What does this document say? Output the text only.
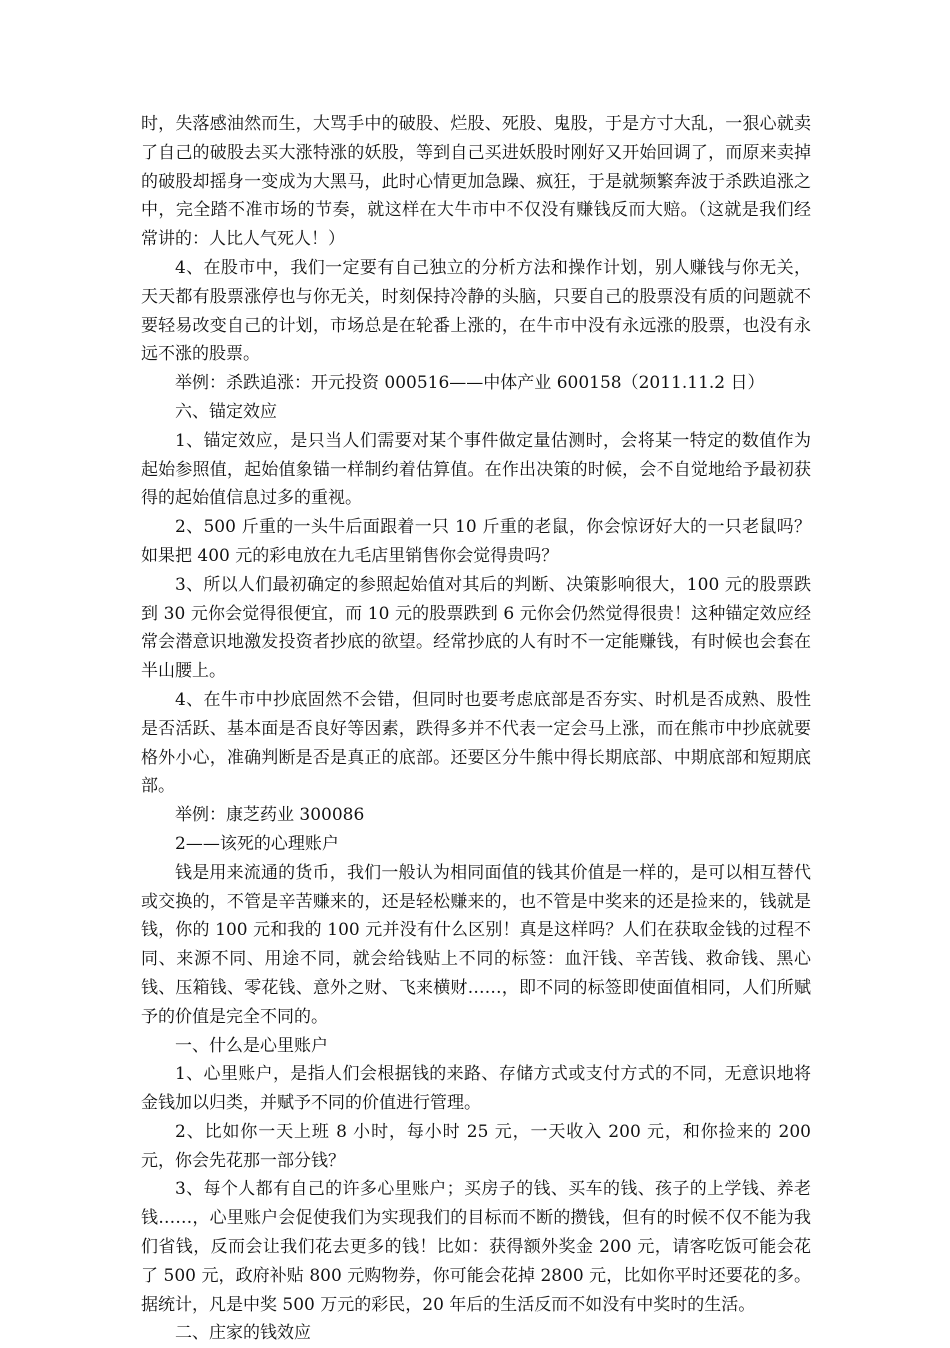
时，失落感油然而生，大骂手中的破股、烂股、死股、鬼股，于是方寸大乱，一狠心就卖了自己的破股去买大涨特涨的妖股，等到自己买进妖股时刚好又开始回调了，而原来卖掉的破股却摇身一变成为大黑马，此时心情更加急躁、疯狂，于是就频繁奔波于杀跌追涨之中，完全踏不准市场的节奏，就这样在大牛市中不仅没有赚钱反而大赔。（这就是我们经常讲的：人比人气死人！）

4、在股市中，我们一定要有自己独立的分析方法和操作计划，别人赚钱与你无关，天天都有股票涨停也与你无关，时刻保持冷静的头脑，只要自己的股票没有质的问题就不要轻易改变自己的计划，市场总是在轮番上涨的，在牛市中没有永远涨的股票，也没有永远不涨的股票。

举例：杀跌追涨：开元投资 000516——中体产业 600158（2011.11.2 日）

六、锚定效应

1、锚定效应，是只当人们需要对某个事件做定量估测时，会将某一特定的数值作为起始参照值，起始值象锚一样制约着估算值。在作出决策的时候，会不自觉地给予最初获得的起始值信息过多的重视。

2、500 斤重的一头牛后面跟着一只 10 斤重的老鼠，你会惊讶好大的一只老鼠吗？如果把 400 元的彩电放在九毛店里销售你会觉得贵吗？

3、所以人们最初确定的参照起始值对其后的判断、决策影响很大，100 元的股票跌到 30 元你会觉得很便宜，而 10 元的股票跌到 6 元你会仍然觉得很贵！这种锚定效应经常会潜意识地激发投资者抄底的欲望。经常抄底的人有时不一定能赚钱，有时候也会套在半山腰上。

4、在牛市中抄底固然不会错，但同时也要考虑底部是否夯实、时机是否成熟、股性是否活跃、基本面是否良好等因素，跌得多并不代表一定会马上涨，而在熊市中抄底就要格外小心，准确判断是否是真正的底部。还要区分牛熊中得长期底部、中期底部和短期底部。

举例：康芝药业 300086

2——该死的心理账户

钱是用来流通的货币，我们一般认为相同面值的钱其价值是一样的，是可以相互替代或交换的，不管是辛苦赚来的，还是轻松赚来的，也不管是中奖来的还是捡来的，钱就是钱，你的 100 元和我的 100 元并没有什么区别！真是这样吗？人们在获取金钱的过程不同、来源不同、用途不同，就会给钱贴上不同的标签：血汗钱、辛苦钱、救命钱、黑心钱、压箱钱、零花钱、意外之财、飞来横财……，即不同的标签即使面值相同，人们所赋予的价值是完全不同的。

一、什么是心里账户

1、心里账户，是指人们会根据钱的来路、存储方式或支付方式的不同，无意识地将金钱加以归类，并赋予不同的价值进行管理。

2、比如你一天上班 8 小时，每小时 25 元，一天收入 200 元，和你捡来的 200 元，你会先花那一部分钱？

3、每个人都有自己的许多心里账户；买房子的钱、买车的钱、孩子的上学钱、养老钱……，心里账户会促使我们为实现我们的目标而不断的攒钱，但有的时候不仅不能为我们省钱，反而会让我们花去更多的钱！比如：获得额外奖金 200 元，请客吃饭可能会花了 500 元，政府补贴 800 元购物券，你可能会花掉 2800 元，比如你平时还要花的多。据统计，凡是中奖 500 万元的彩民，20 年后的生活反而不如没有中奖时的生活。

二、庄家的钱效应
